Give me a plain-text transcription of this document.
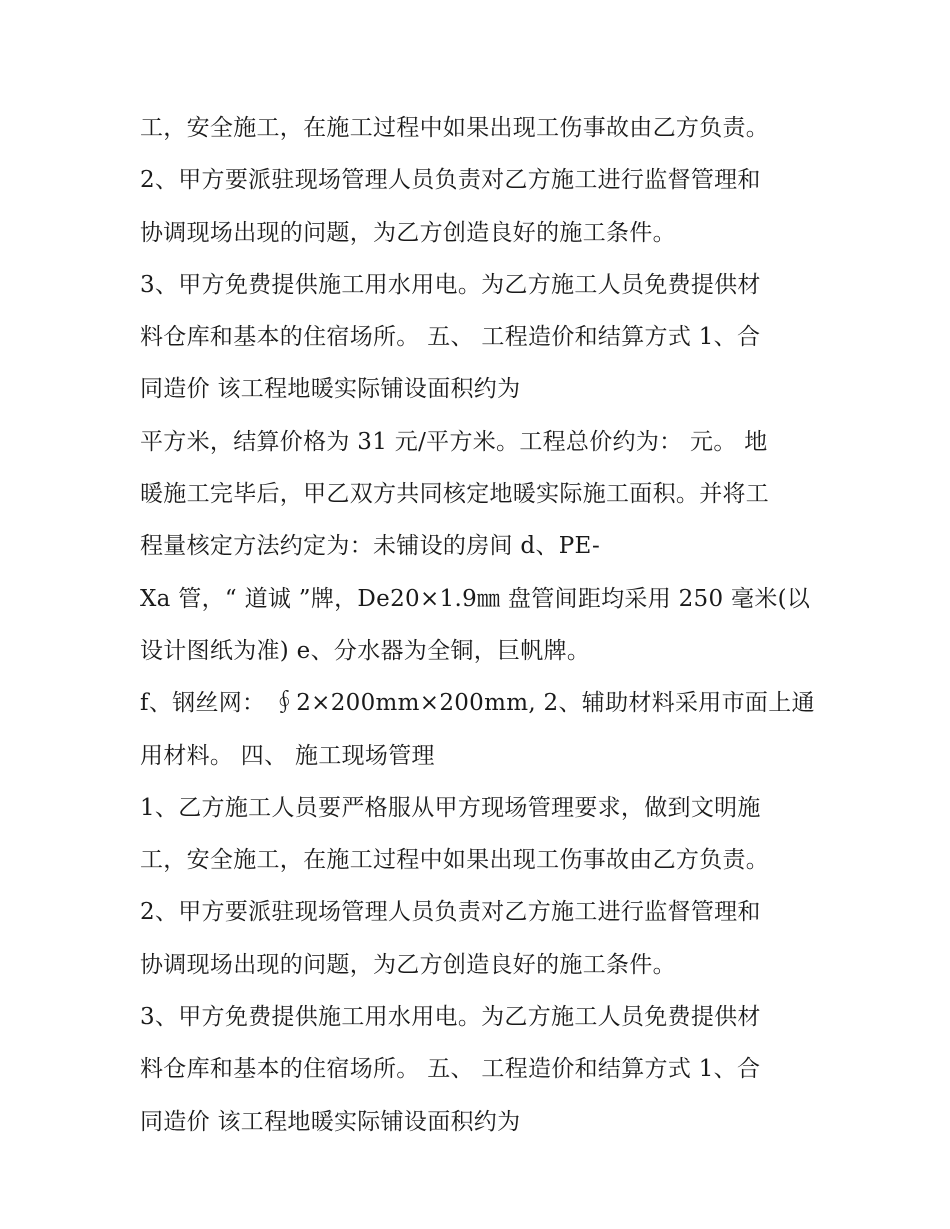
工，安全施工，在施工过程中如果出现工伤事故由乙方负责。
2、甲方要派驻现场管理人员负责对乙方施工进行监督管理和
协调现场出现的问题，为乙方创造良好的施工条件。
3、甲方免费提供施工用水用电。为乙方施工人员免费提供材
料仓库和基本的住宿场所。 五、 工程造价和结算方式 1、合
同造价 该工程地暖实际铺设面积约为
平方米，结算价格为 31 元/平方米。工程总价约为： 元。 地
暖施工完毕后，甲乙双方共同核定地暖实际施工面积。并将工
程量核定方法约定为：未铺设的房间 d、PE-
Xa 管，“ 道诚 ”牌，De20×1.9㎜ 盘管间距均采用 250 毫米(以
设计图纸为准) e、分水器为全铜，巨帆牌。
f、钢丝网： ∮2×200mm×200mm, 2、辅助材料采用市面上通
用材料。 四、 施工现场管理
1、乙方施工人员要严格服从甲方现场管理要求，做到文明施
工，安全施工，在施工过程中如果出现工伤事故由乙方负责。
2、甲方要派驻现场管理人员负责对乙方施工进行监督管理和
协调现场出现的问题，为乙方创造良好的施工条件。
3、甲方免费提供施工用水用电。为乙方施工人员免费提供材
料仓库和基本的住宿场所。 五、 工程造价和结算方式 1、合
同造价 该工程地暖实际铺设面积约为
